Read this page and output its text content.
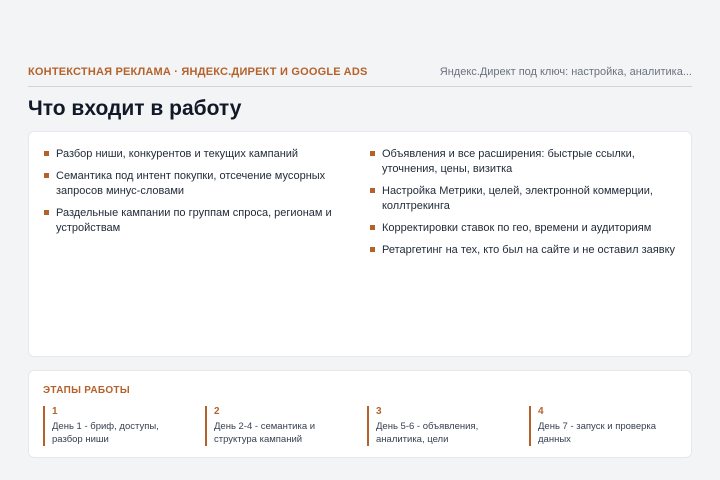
КОНТЕКСТНАЯ РЕКЛАМА · ЯНДЕКС.ДИРЕКТ И GOOGLE ADS	Яндекс.Директ под ключ: настройка, аналитика...
Что входит в работу
Разбор ниши, конкурентов и текущих кампаний
Семантика под интент покупки, отсечение мусорных запросов минус-словами
Раздельные кампании по группам спроса, регионам и устройствам
Объявления и все расширения: быстрые ссылки, уточнения, цены, визитка
Настройка Метрики, целей, электронной коммерции, коллтрекинга
Корректировки ставок по гео, времени и аудиториям
Ретаргетинг на тех, кто был на сайте и не оставил заявку
ЭТАПЫ РАБОТЫ
1
День 1 - бриф, доступы, разбор ниши
2
День 2-4 - семантика и структура кампаний
3
День 5-6 - объявления, аналитика, цели
4
День 7 - запуск и проверка данных
